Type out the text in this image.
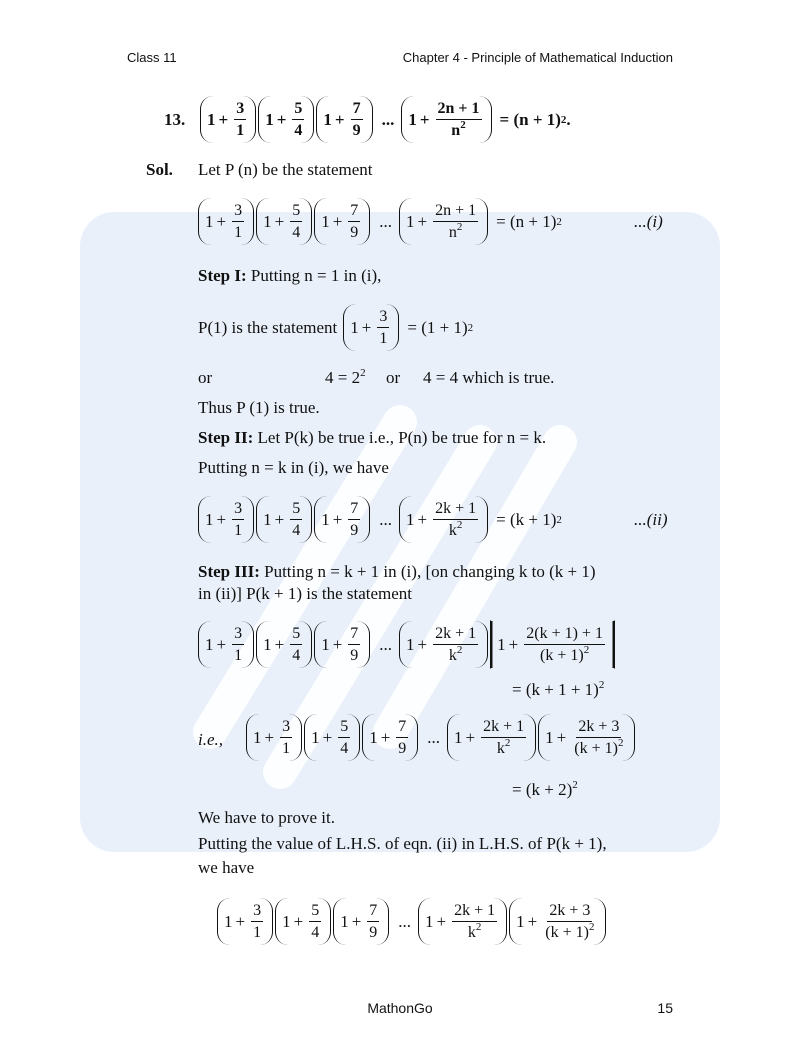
Class 11	Chapter 4 - Principle of Mathematical Induction
13. $1 + \frac{3}{1} 1 + \frac{5}{4} 1 + \frac{7}{9}$ ... $1 + \frac{2n + 1}{n^2} = (n + 1)$ 2 .
Sol. Let P (n) be the statement
$1 + \frac{3}{1} 1 + \frac{5}{4} 1 + \frac{7}{9}$ ... $1 + \frac{2n + 1}{n^2} = (n + 1)$ 2	...(i)
Step I: Putting n = 1 in (i),
P(1) is the statement $1 + \frac{3}{1} = (1 + 1)$ 2
or	$4 = 2^2$ or 4 = 4 which is true.
Thus P (1) is true.
Step II: Let P(k) be true i.e., P(n) be true for n = k.
Putting n = k in (i), we have
$1 + \frac{3}{1} 1 + \frac{5}{4} 1 + \frac{7}{9}$ ... $1 + \frac{2k + 1}{k^2} = (k + 1)$ 2	...(ii)
Step III: Putting n = k + 1 in (i), [on changing k to (k + 1)
in (ii)] P(k + 1) is the statement
$1 + \frac{3}{1} 1 + \frac{5}{4} 1 + \frac{7}{9}$ ... $1 + \frac{2k + 1}{k^2} 1 + \frac{2(k + 1) + 1}{(k + 1)^2}$
= $(k + 1 + 1)^2$
i.e., $1 + \frac{3}{1} 1 + \frac{5}{4} 1 + \frac{7}{9}$ ... $1 + \frac{2k + 1}{k^2} 1 + \frac{2k + 3}{(k + 1)^2}$
= $(k + 2)^2$
We have to prove it.
Putting the value of L.H.S. of eqn. (ii) in L.H.S. of P(k + 1),
we have
$1 + \frac{3}{1} 1 + \frac{5}{4} 1 + \frac{7}{9}$ ... $1 + \frac{2k + 1}{k^2} 1 + \frac{2k + 3}{(k + 1)^2}$
MathonGo	15
